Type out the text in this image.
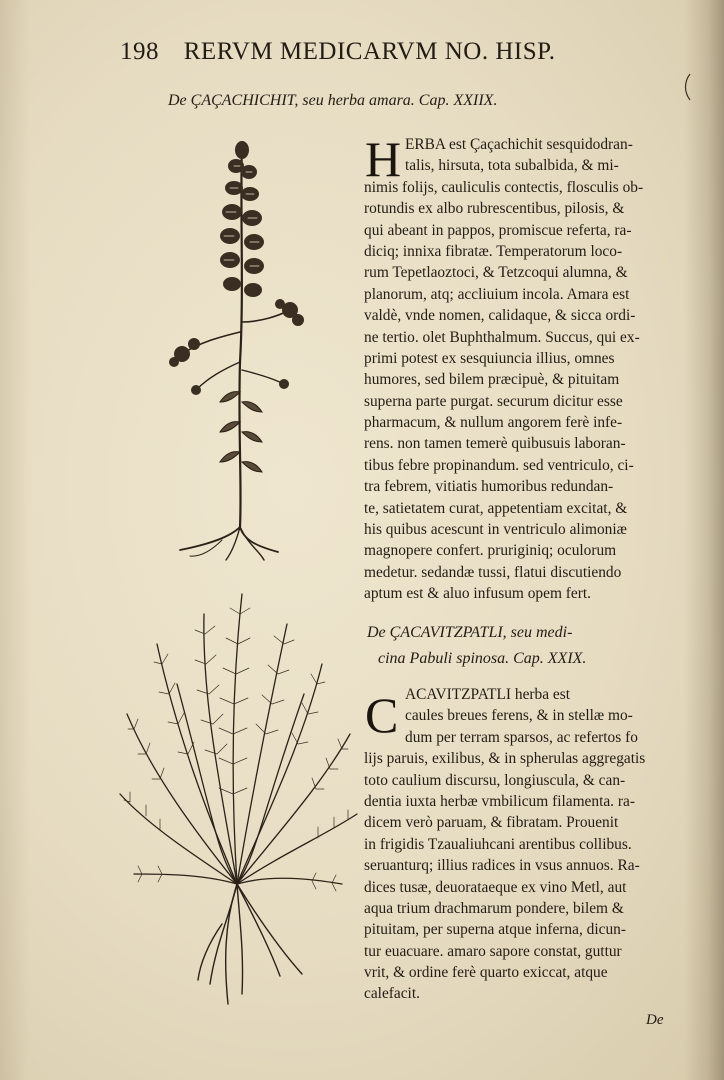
198 RERVM MEDICARVM NO. HISP.
De ÇAÇACHICHIT, seu herba amara. Cap. XXIIX.
H ERBA est Çaçachichit sesquidodran-
talis, hirsuta, tota subalbida, & mi-
nimis folijs, cauliculis contectis, flosculis ob-
rotundis ex albo rubrescentibus, pilosis, &
qui abeant in pappos, promiscue referta, ra-
diciq; innixa fibratæ. Temperatorum loco-
rum Tepetlaoztoci, & Tetzcoqui alumna, &
planorum, atq; accliuium incola. Amara est
valdè, vnde nomen, calidaque, & sicca ordi-
ne tertio. olet Buphthalmum. Succus, qui ex-
primi potest ex sesquiuncia illius, omnes
humores, sed bilem præcipuè, & pituitam
superna parte purgat. securum dicitur esse
pharmacum, & nullum angorem ferè infe-
rens. non tamen temerè quibusuis laboran-
tibus febre propinandum. sed ventriculo, ci-
tra febrem, vitiatis humoribus redundan-
te, satietatem curat, appetentiam excitat, &
his quibus acescunt in ventriculo alimoniæ
magnopere confert. pruriginiq; oculorum
medetur. sedandæ tussi, flatui discutiendo
aptum est & aluo infusum opem fert.
De ÇACAVITZPATLI, seu medi-
cina Pabuli spinosa. Cap. XXIX.
C ACAVITZPATLI herba est
caules breues ferens, & in stellæ mo-
dum per terram sparsos, ac refertos fo
lijs paruis, exilibus, & in spherulas aggregatis
toto caulium discursu, longiuscula, & can-
dentia iuxta herbæ vmbilicum filamenta. ra-
dicem verò paruam, & fibratam. Prouenit
in frigidis Tzaualiuhcani arentibus collibus.
seruanturq; illius radices in vsus annuos. Ra-
dices tusæ, deuorataeque ex vino Metl, aut
aqua trium drachmarum pondere, bilem &
pituitam, per superna atque inferna, dicun-
tur euacuare. amaro sapore constat, guttur
vrit, & ordine ferè quarto exiccat, atque
calefacit.
De
